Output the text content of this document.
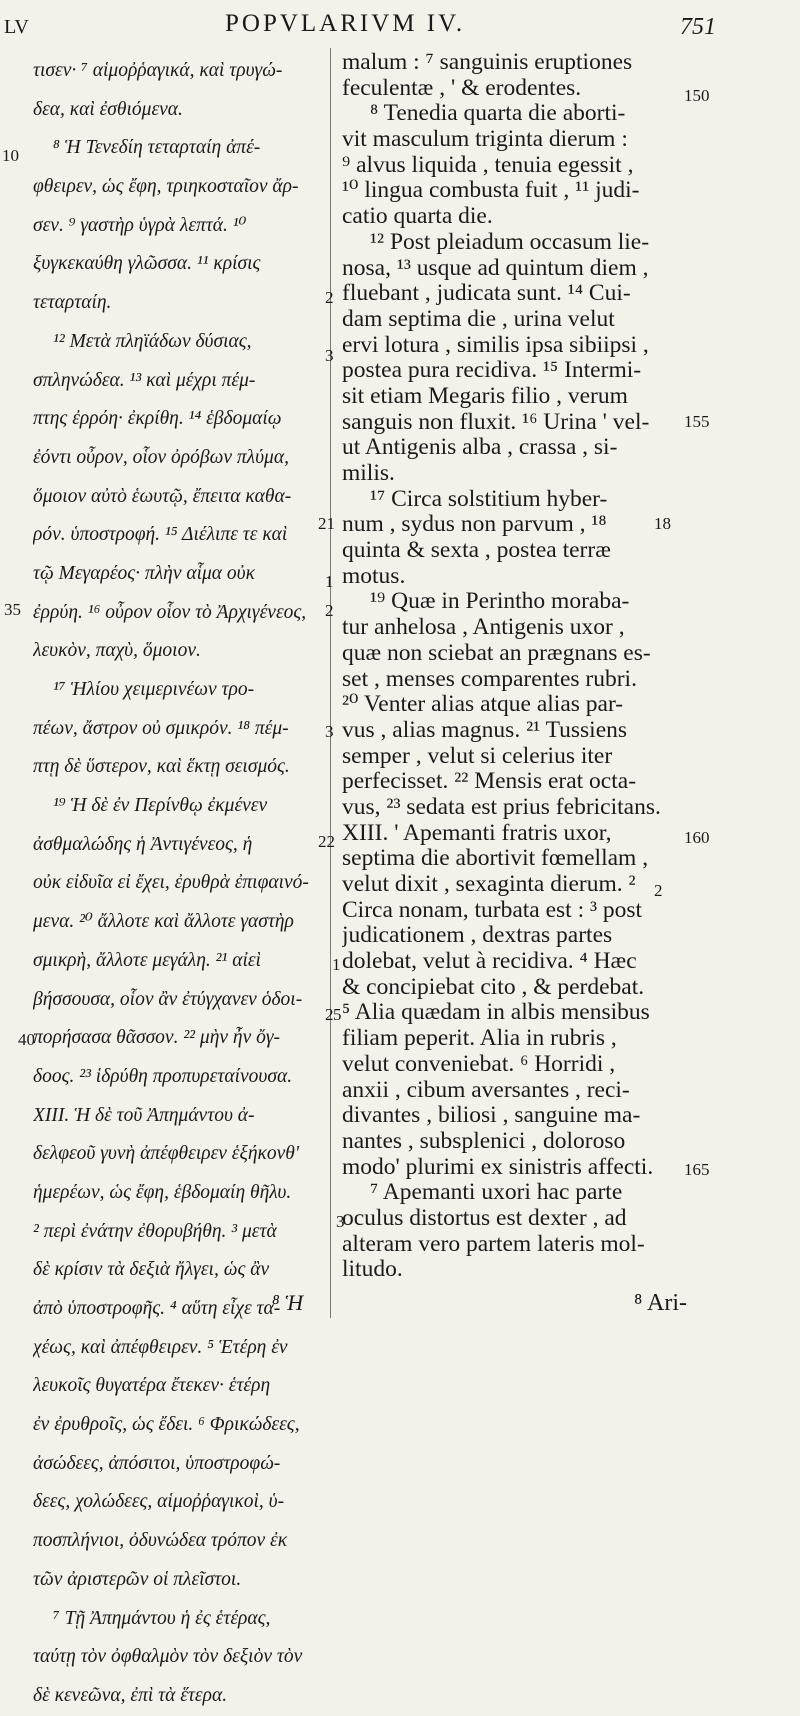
LV	POPVLARIVM IV.	751
τισεν· ⁷ αἱμοῤῥαγικά, καὶ τρυγώ-
δεα, καὶ ἐσθιόμενα.
⁸ Ἡ Τενεδίη τεταρταίη ἀπέ-
φθειρεν, ὡς ἔφη, τριηκοσταῖον ἄρ-
σεν. ⁹ γαστὴρ ὑγρὰ λεπτά. ¹⁰
ξυγκεκαύθη γλῶσσα. ¹¹ κρίσις
τεταρταίη.
¹² Μετὰ πληϊάδων δύσιας,
σπληνώδεα. ¹³ καὶ μέχρι πέμ-
πτης ἐρρόη· ἐκρίθη. ¹⁴ ἑβδομαίῳ
ἐόντι οὖρον, οἷον ὀρόβων πλύμα,
ὅμοιον αὐτὸ ἑωυτῷ, ἔπειτα καθα-
ρόν. ὑποστροφή. ¹⁵ Διέλιπε τε καὶ
τῷ Μεγαρέος· πλὴν αἷμα οὐκ
ἐρρύη. ¹⁶ οὖρον οἷον τὸ Ἀρχιγένεος,
λευκὸν, παχὺ, ὅμοιον.
¹⁷ Ἡλίου χειμερινέων τρο-
πέων, ἄστρον οὐ σμικρόν. ¹⁸ πέμ-
πτῃ δὲ ὕστερον, καὶ ἕκτῃ σεισμός.
¹⁹ Ἡ δὲ ἐν Περίνθῳ ἐκμένεν
ἀσθμαλώδης ἡ Ἀντιγένεος, ἡ
οὐκ εἰδυῖα εἰ ἔχει, ἐρυθρὰ ἐπιφαινό-
μενα. ²⁰ ἄλλοτε καὶ ἄλλοτε γαστὴρ
σμικρὴ, ἄλλοτε μεγάλη. ²¹ αἰεὶ
βήσσουσα, οἷον ἂν ἐτύγχανεν ὁδοι-
πορήσασα θᾶσσον. ²² μὴν ἦν ὄγ-
δοος. ²³ ἱδρύθη προπυρεταίνουσα.
XIII. Ἡ δὲ τοῦ Ἀπημάντου ἀ-
δελφεοῦ γυνὴ ἀπέφθειρεν ἑξήκονθ'
ἡμερέων, ὡς ἔφη, ἑβδομαίη θῆλυ.
² περὶ ἐνάτην ἐθορυβήθη. ³ μετὰ
δὲ κρίσιν τὰ δεξιὰ ἤλγει, ὡς ἂν
ἀπὸ ὑποστροφῆς. ⁴ αὕτη εἶχε τα-
χέως, καὶ ἀπέφθειρεν. ⁵ Ἑτέρη ἐν
λευκοῖς θυγατέρα ἔτεκεν· ἑτέρη
ἐν ἐρυθροῖς, ὡς ἔδει. ⁶ Φρικώδεες,
ἀσώδεες, ἀπόσιτοι, ὑποστροφώ-
δεες, χολώδεες, αἱμοῤῥαγικοὶ, ὑ-
ποσπλήνιοι, ὀδυνώδεα τρόπον ἐκ
τῶν ἀριστερῶν οἱ πλεῖστοι.
⁷ Τῇ Ἀπημάντου ἡ ἐς ἑτέρας,
ταύτῃ τὸν ὀφθαλμὸν τὸν δεξιὸν τὸν
δὲ κενεῶνα, ἐπὶ τὰ ἕτερα.
malum : ⁷ sanguinis eruptiones
feculentæ , ' & erodentes.
⁸ Tenedia quarta die aborti-
vit masculum triginta dierum :
⁹ alvus liquida , tenuia egessit ,
¹⁰ lingua combusta fuit , ¹¹ judi-
catio quarta die.
¹² Post pleiadum occasum lie-
nosa, ¹³ usque ad quintum diem ,
fluebant , judicata sunt. ¹⁴ Cui-
dam septima die , urina velut
ervi lotura , similis ipsa sibiipsi ,
postea pura recidiva. ¹⁵ Intermi-
sit etiam Megaris filio , verum
sanguis non fluxit. ¹⁶ Urina ' vel-
ut Antigenis alba , crassa , si-
milis.
¹⁷ Circa solstitium hyber-
num , sydus non parvum , ¹⁸
quinta & sexta , postea terræ
motus.
¹⁹ Quæ in Perintho moraba-
tur anhelosa , Antigenis uxor ,
quæ non sciebat an prægnans es-
set , menses comparentes rubri.
²⁰ Venter alias atque alias par-
vus , alias magnus. ²¹ Tussiens
semper , velut si celerius iter
perfecisset. ²² Mensis erat octa-
vus, ²³ sedata est prius febricitans.
XIII. ' Apemanti fratris uxor,
septima die abortivit fœmellam ,
velut dixit , sexaginta dierum. ²
Circa nonam, turbata est : ³ post
judicationem , dextras partes
dolebat, velut à recidiva. ⁴ Hæc
& concipiebat cito , & perdebat.
⁵ Alia quædam in albis mensibus
filiam peperit. Alia in rubris ,
velut conveniebat. ⁶ Horridi ,
anxii , cibum aversantes , reci-
divantes , biliosi , sanguine ma-
nantes , subsplenici , doloroso
modo' plurimi ex sinistris affecti.
⁷ Apemanti uxori hac parte
oculus distortus est dexter , ad
alteram vero partem lateris mol-
litudo.
10
35
40
150
155
160
165
2
3
21	18
1
2
3
22
2
1
2 5
3
⁸ Ἡ	⁸ Ari-
